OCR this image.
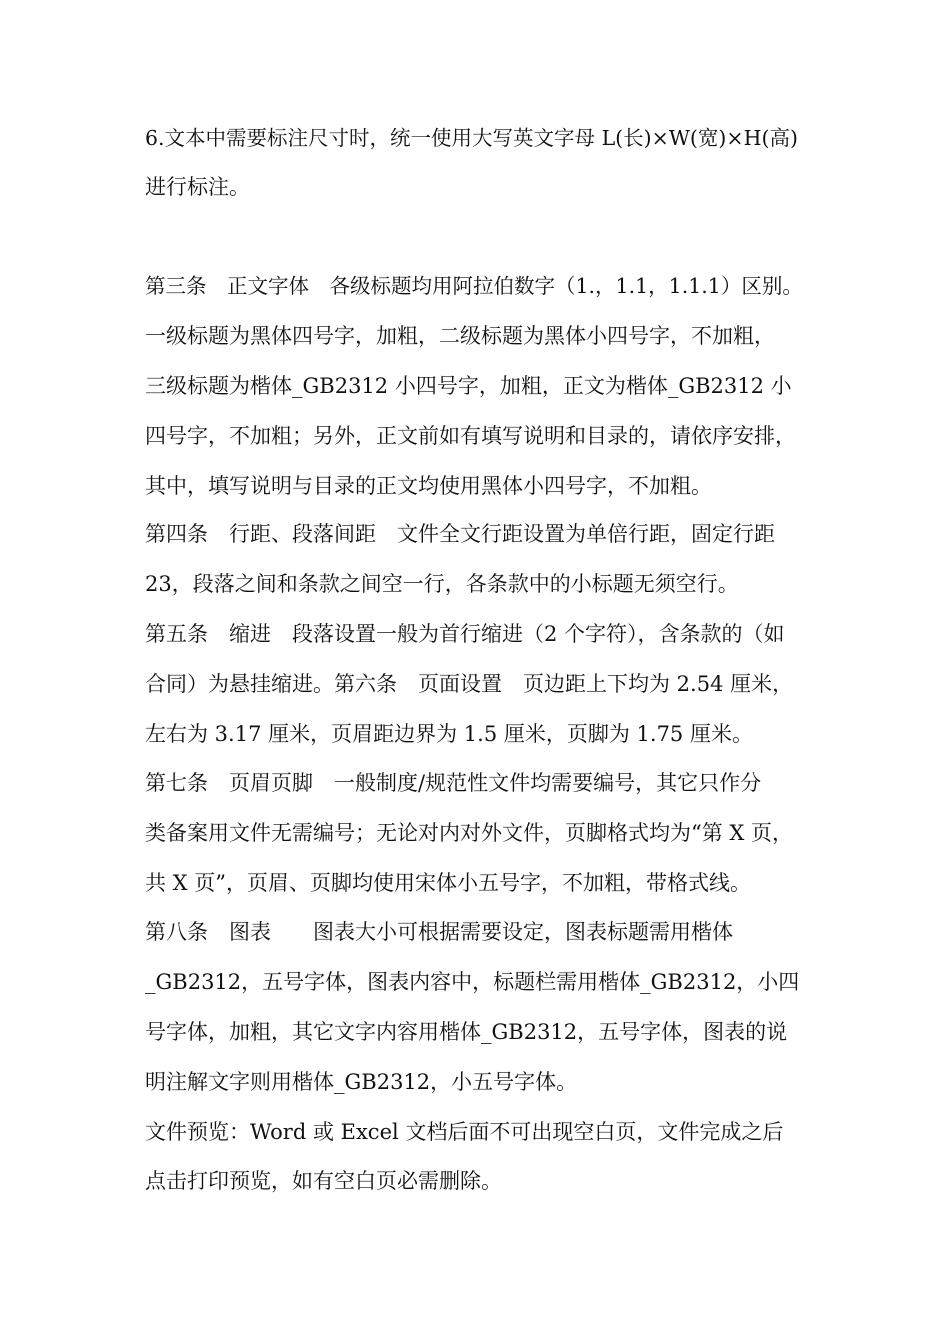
6.文本中需要标注尺寸时，统一使用大写英文字母 L(长)×W(宽)×H(高)
进行标注。
第三条　正文字体　各级标题均用阿拉伯数字（1.，1.1，1.1.1）区别。
一级标题为黑体四号字，加粗，二级标题为黑体小四号字，不加粗，
三级标题为楷体_GB2312 小四号字，加粗，正文为楷体_GB2312 小
四号字，不加粗；另外，正文前如有填写说明和目录的，请依序安排，
其中，填写说明与目录的正文均使用黑体小四号字，不加粗。
第四条　行距、段落间距　文件全文行距设置为单倍行距，固定行距
23，段落之间和条款之间空一行，各条款中的小标题无须空行。
第五条　缩进　段落设置一般为首行缩进（2 个字符），含条款的（如
合同）为悬挂缩进。第六条　页面设置　页边距上下均为 2.54 厘米，
左右为 3.17 厘米，页眉距边界为 1.5 厘米，页脚为 1.75 厘米。
第七条　页眉页脚　一般制度/规范性文件均需要编号，其它只作分
类备案用文件无需编号；无论对内对外文件，页脚格式均为“第 X 页，
共 X 页”，页眉、页脚均使用宋体小五号字，不加粗，带格式线。
第八条　图表　　图表大小可根据需要设定，图表标题需用楷体
_GB2312，五号字体，图表内容中，标题栏需用楷体_GB2312，小四
号字体，加粗，其它文字内容用楷体_GB2312，五号字体，图表的说
明注解文字则用楷体_GB2312，小五号字体。
文件预览：Word 或 Excel 文档后面不可出现空白页，文件完成之后
点击打印预览，如有空白页必需删除。
